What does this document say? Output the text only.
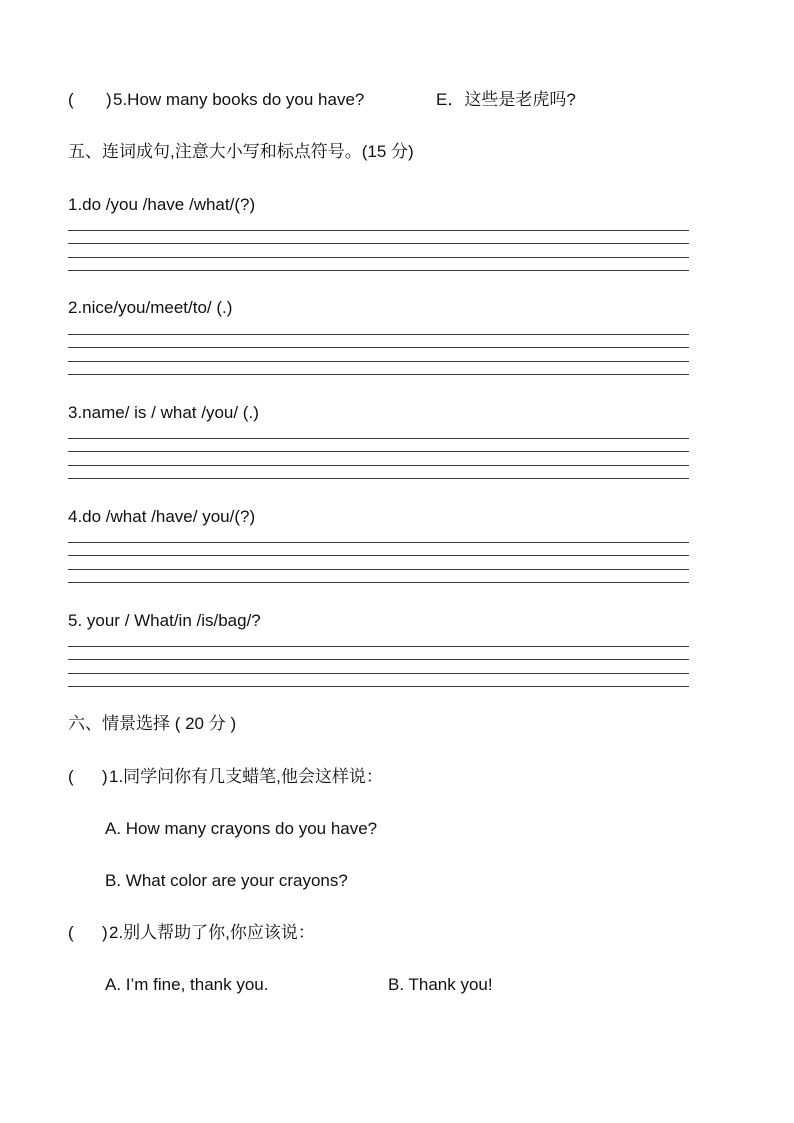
( ) 5.How many books do you have?	E．这些是老虎吗?
五、连词成句,注意大小写和标点符号。(15 分)
1.do /you /have /what/(?)
2.nice/you/meet/to/ (.)
3.name/ is / what /you/ (.)
4.do /what /have/ you/(?)
5. your / What/in /is/bag/?
六、情景选择 ( 20 分 )
( ) 1.同学问你有几支蜡笔,他会这样说：
A. How many crayons do you have?
B. What color are your crayons?
( ) 2.别人帮助了你,你应该说：
A. I’m fine, thank you.	B. Thank you!
